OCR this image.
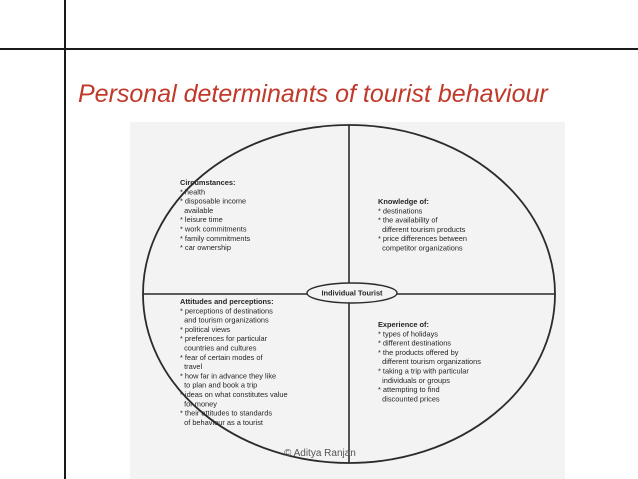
Personal determinants of tourist behaviour
Individual Tourist
Circumstances:
* health
* disposable income
available
* leisure time
* work commitments
* family commitments
* car ownership
Knowledge of:
* destinations
* the availability of
different tourism products
* price differences between
competitor organizations
Attitudes and perceptions:
* perceptions of destinations
and tourism organizations
* political views
* preferences for particular
countries and cultures
* fear of certain modes of
travel
* how far in advance they like
to plan and book a trip
* ideas on what constitutes value
for money
* their attitudes to standards
of behaviour as a tourist
Experience of:
* types of holidays
* different destinations
* the products offered by
different tourism organizations
* taking a trip with particular
individuals or groups
* attempting to find
discounted prices
© Aditya Ranjan
